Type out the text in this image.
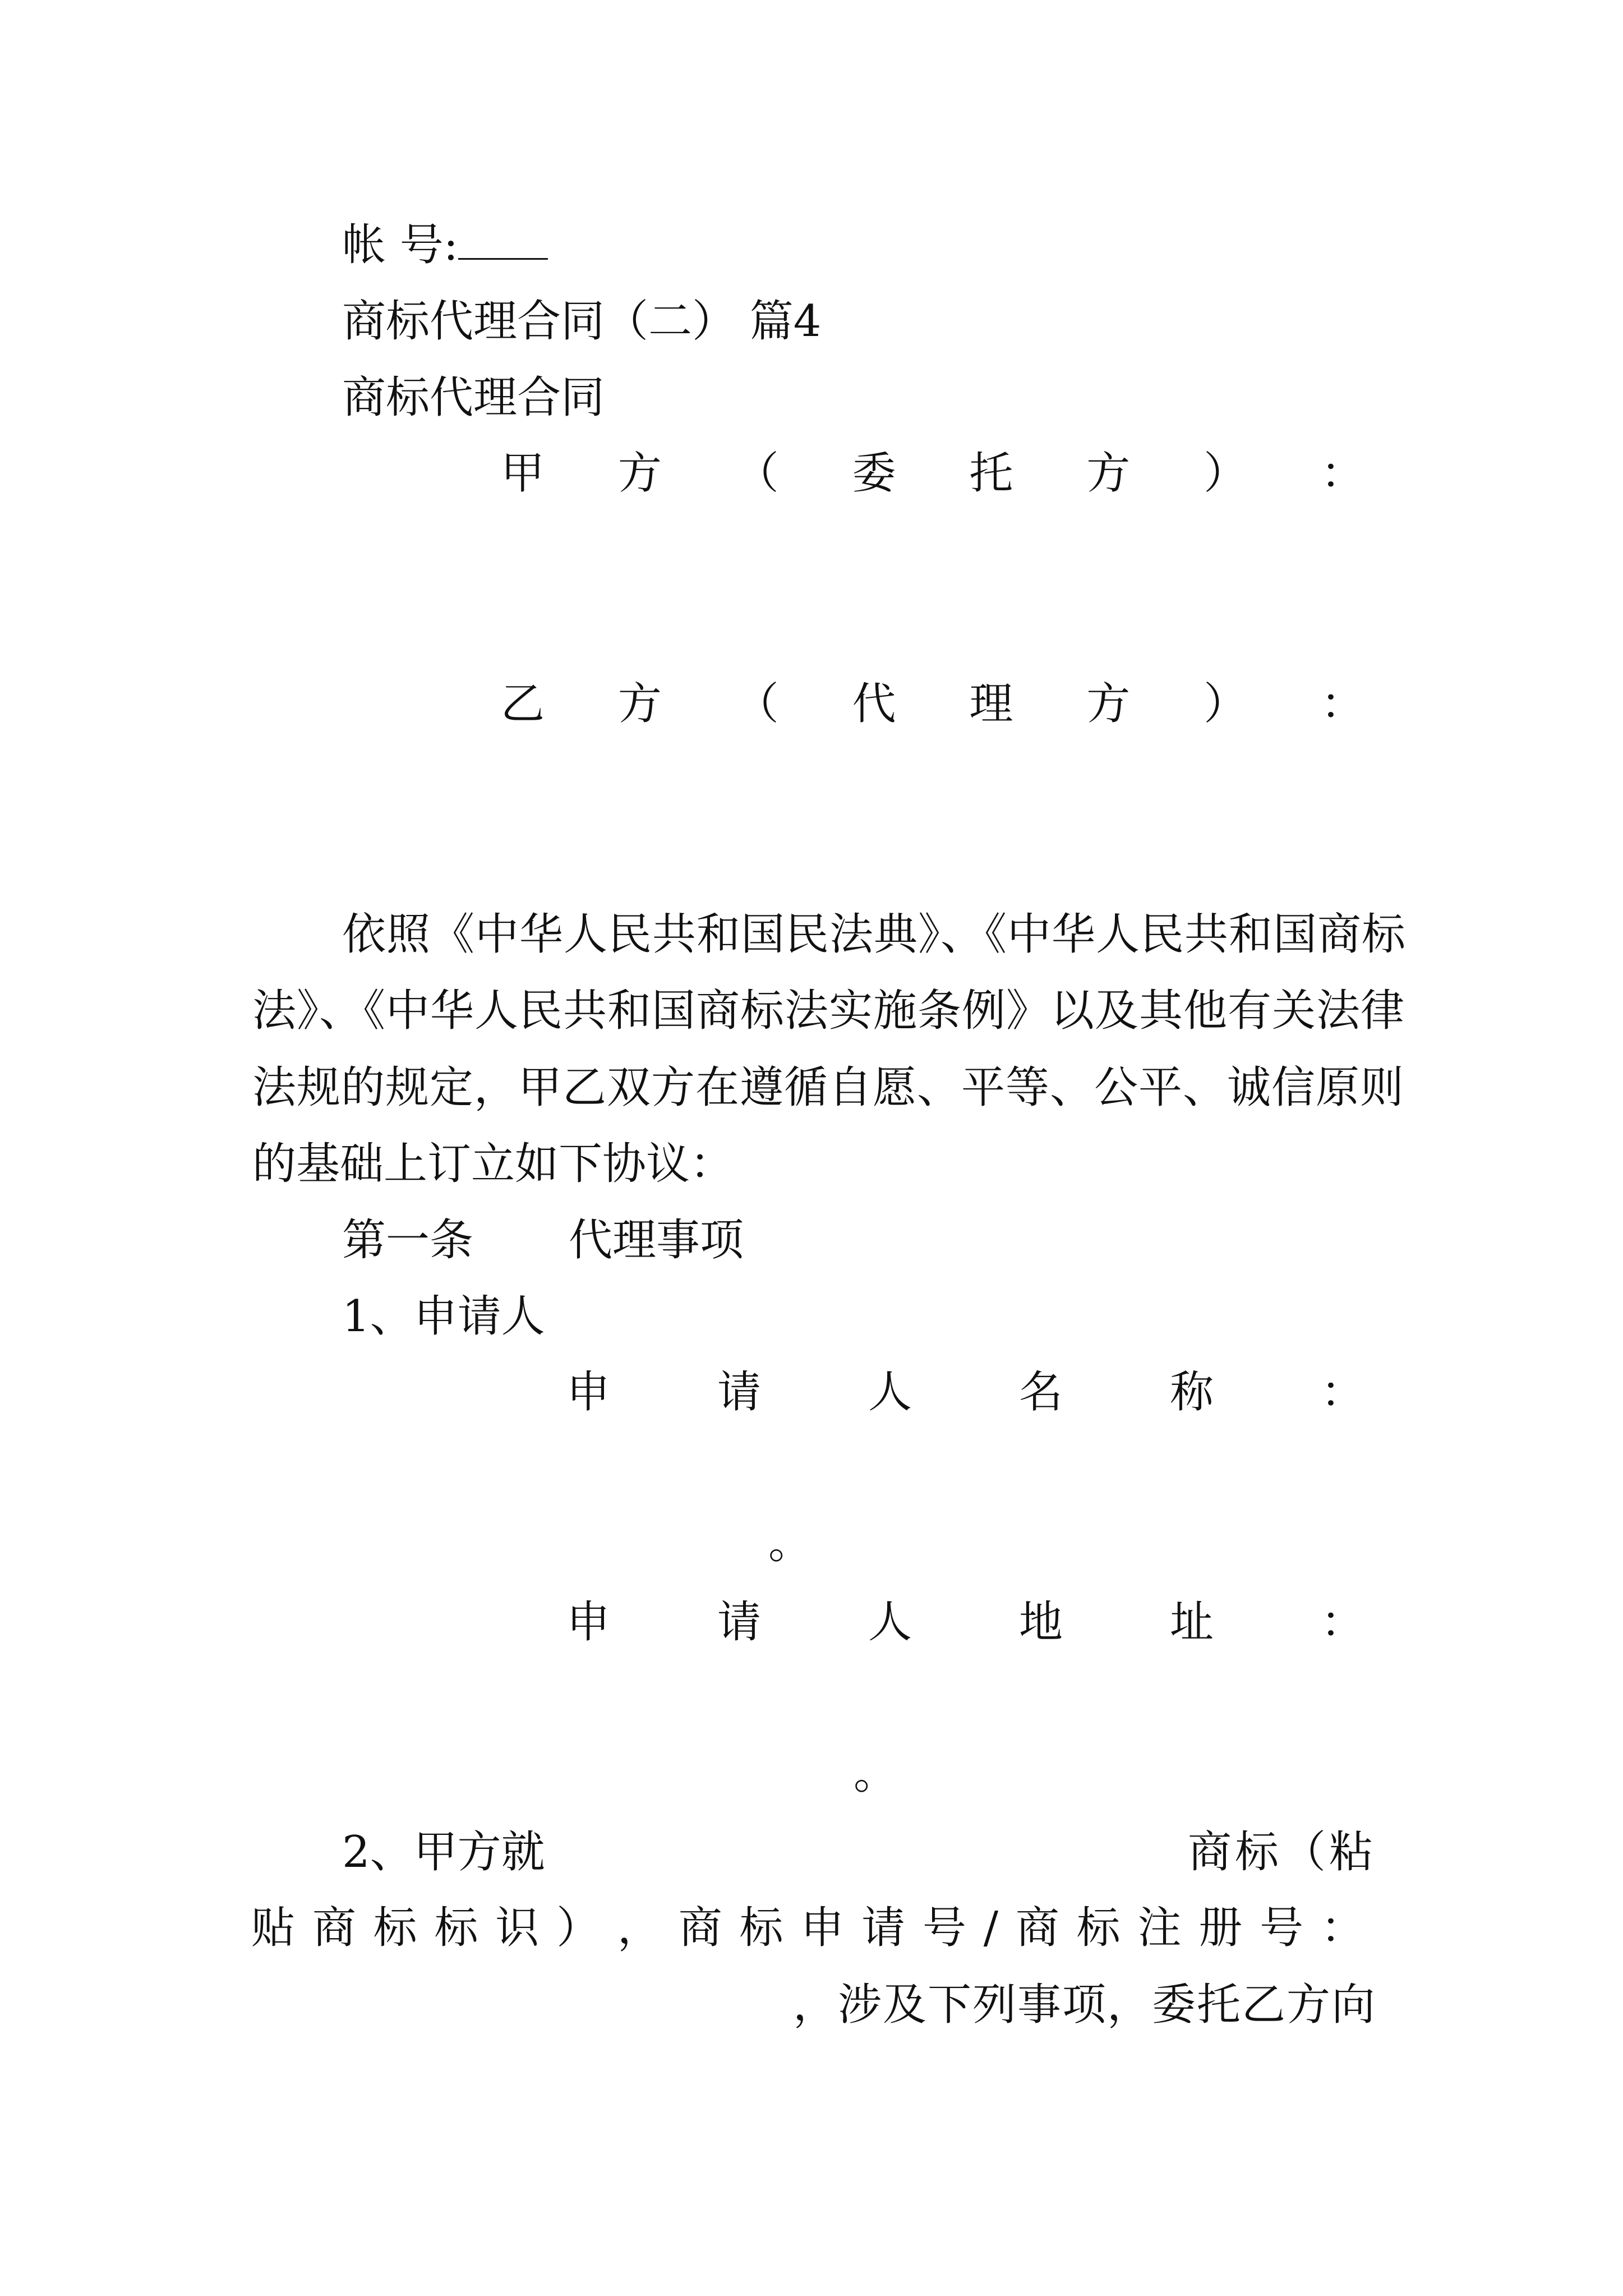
帐 号:
商标代理合同（二） 篇4
商标代理合同
甲 方 （ 委 托 方 ） ：
乙 方 （ 代 理 方 ） ：
依照《中华人民共和国民法典》、《中华人民共和国商标
法》、《中华人民共和国商标法实施条例》以及其他有关法律
法规的规定，甲乙双方在遵循自愿、平等、公平、诚信原则
的基础上订立如下协议：
第一条 代理事项
1、申请人
申 请 人 名 称 ：
。
申 请 人 地 址 ：
。
2、甲方就	商标（粘
贴 商 标 标 识 ） ， 商 标 申 请 号 / 商 标 注 册 号 ：
，涉及下列事项，委托乙方向
